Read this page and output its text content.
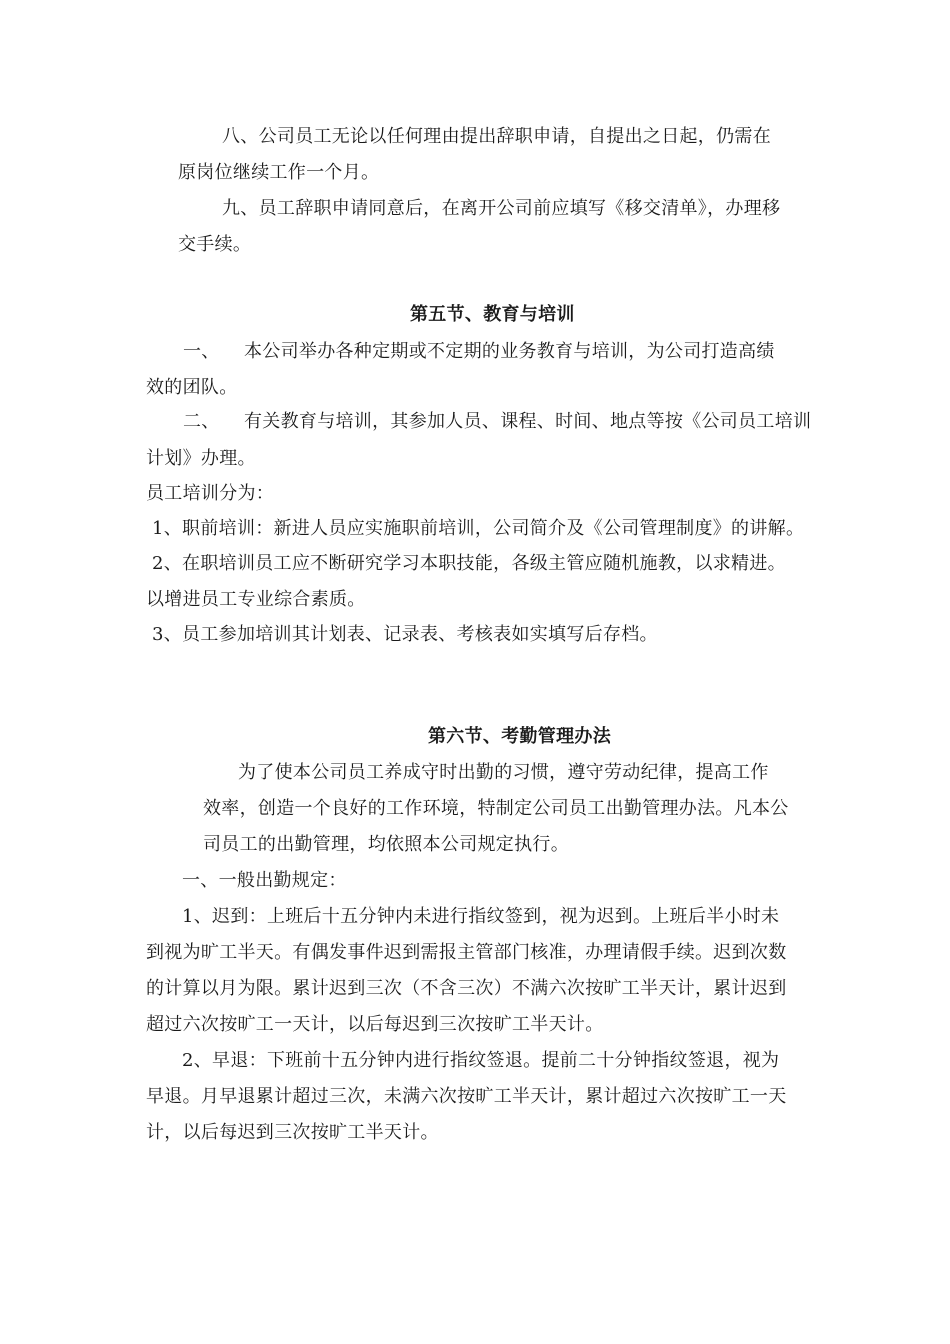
八、公司员工无论以任何理由提出辞职申请，自提出之日起，仍需在
原岗位继续工作一个月。
九、员工辞职申请同意后，在离开公司前应填写《移交清单》，办理移
交手续。
第五节、教育与培训
一、 本公司举办各种定期或不定期的业务教育与培训，为公司打造高绩
效的团队。
二、 有关教育与培训，其参加人员、课程、时间、地点等按《公司员工培训
计划》办理。
员工培训分为：
1、职前培训：新进人员应实施职前培训，公司简介及《公司管理制度》的讲解。
2、在职培训员工应不断研究学习本职技能，各级主管应随机施教，以求精进。
以增进员工专业综合素质。
3、员工参加培训其计划表、记录表、考核表如实填写后存档。
第六节、考勤管理办法
为了使本公司员工养成守时出勤的习惯，遵守劳动纪律，提高工作
效率，创造一个良好的工作环境，特制定公司员工出勤管理办法。凡本公
司员工的出勤管理，均依照本公司规定执行。
一、一般出勤规定：
1、迟到：上班后十五分钟内未进行指纹签到，视为迟到。上班后半小时未
到视为旷工半天。有偶发事件迟到需报主管部门核准，办理请假手续。迟到次数
的计算以月为限。累计迟到三次（不含三次）不满六次按旷工半天计，累计迟到
超过六次按旷工一天计，以后每迟到三次按旷工半天计。
2、早退：下班前十五分钟内进行指纹签退。提前二十分钟指纹签退，视为
早退。月早退累计超过三次，未满六次按旷工半天计，累计超过六次按旷工一天
计，以后每迟到三次按旷工半天计。
